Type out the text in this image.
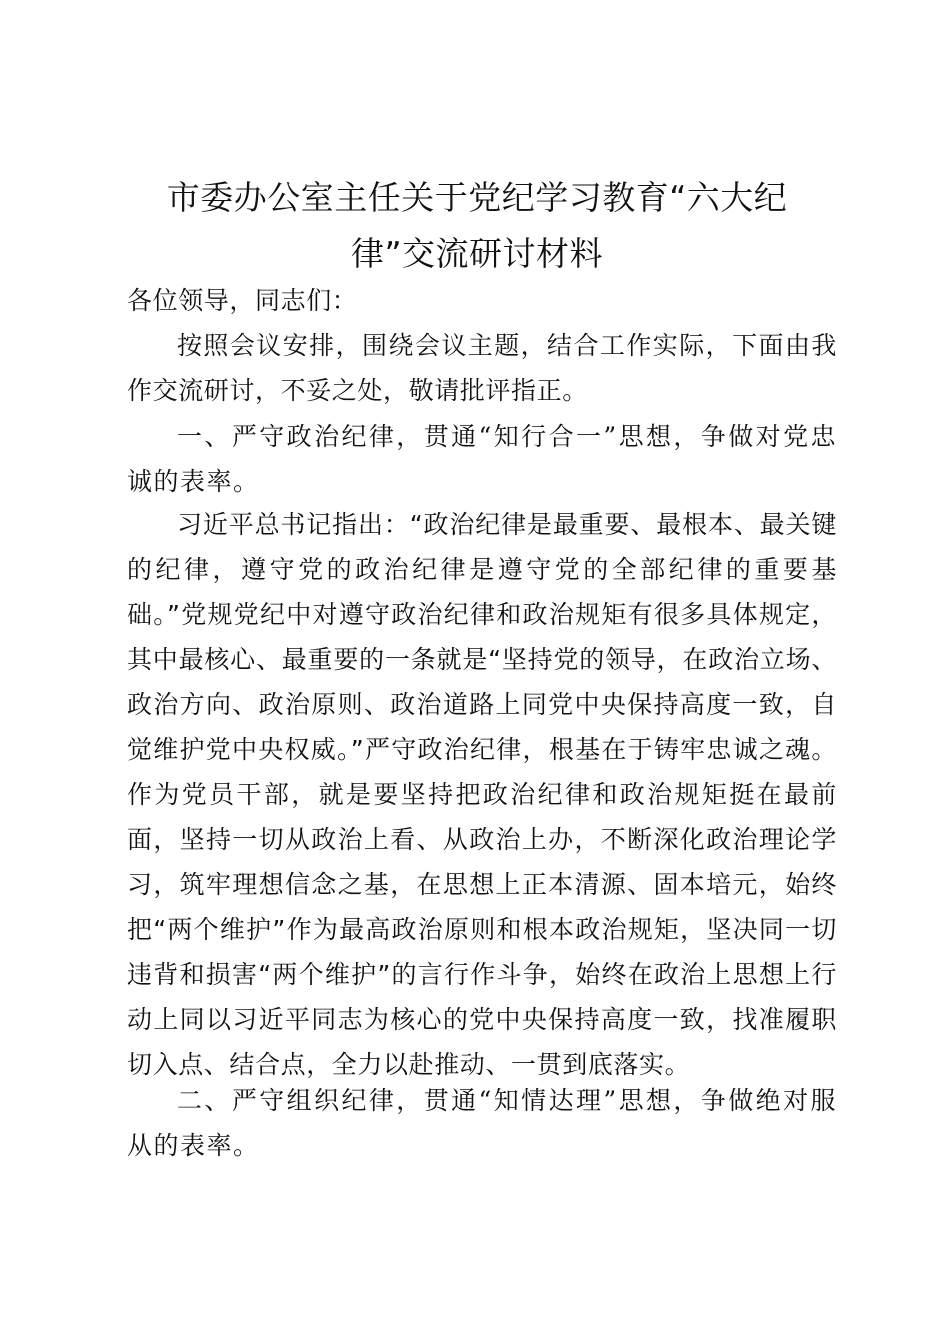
市委办公室主任关于党纪学习教育“六大纪律”交流研讨材料

各位领导，同志们：

按照会议安排，围绕会议主题，结合工作实际，下面由我作交流研讨，不妥之处，敬请批评指正。

一、严守政治纪律，贯通“知行合一”思想，争做对党忠诚的表率。

习近平总书记指出：“政治纪律是最重要、最根本、最关键的纪律，遵守党的政治纪律是遵守党的全部纪律的重要基础。”党规党纪中对遵守政治纪律和政治规矩有很多具体规定，其中最核心、最重要的一条就是“坚持党的领导，在政治立场、政治方向、政治原则、政治道路上同党中央保持高度一致，自觉维护党中央权威。”严守政治纪律，根基在于铸牢忠诚之魂。作为党员干部，就是要坚持把政治纪律和政治规矩挺在最前面，坚持一切从政治上看、从政治上办，不断深化政治理论学习，筑牢理想信念之基，在思想上正本清源、固本培元，始终把“两个维护”作为最高政治原则和根本政治规矩，坚决同一切违背和损害“两个维护”的言行作斗争，始终在政治上思想上行动上同以习近平同志为核心的党中央保持高度一致，找准履职切入点、结合点，全力以赴推动、一贯到底落实。

二、严守组织纪律，贯通“知情达理”思想，争做绝对服从的表率。
